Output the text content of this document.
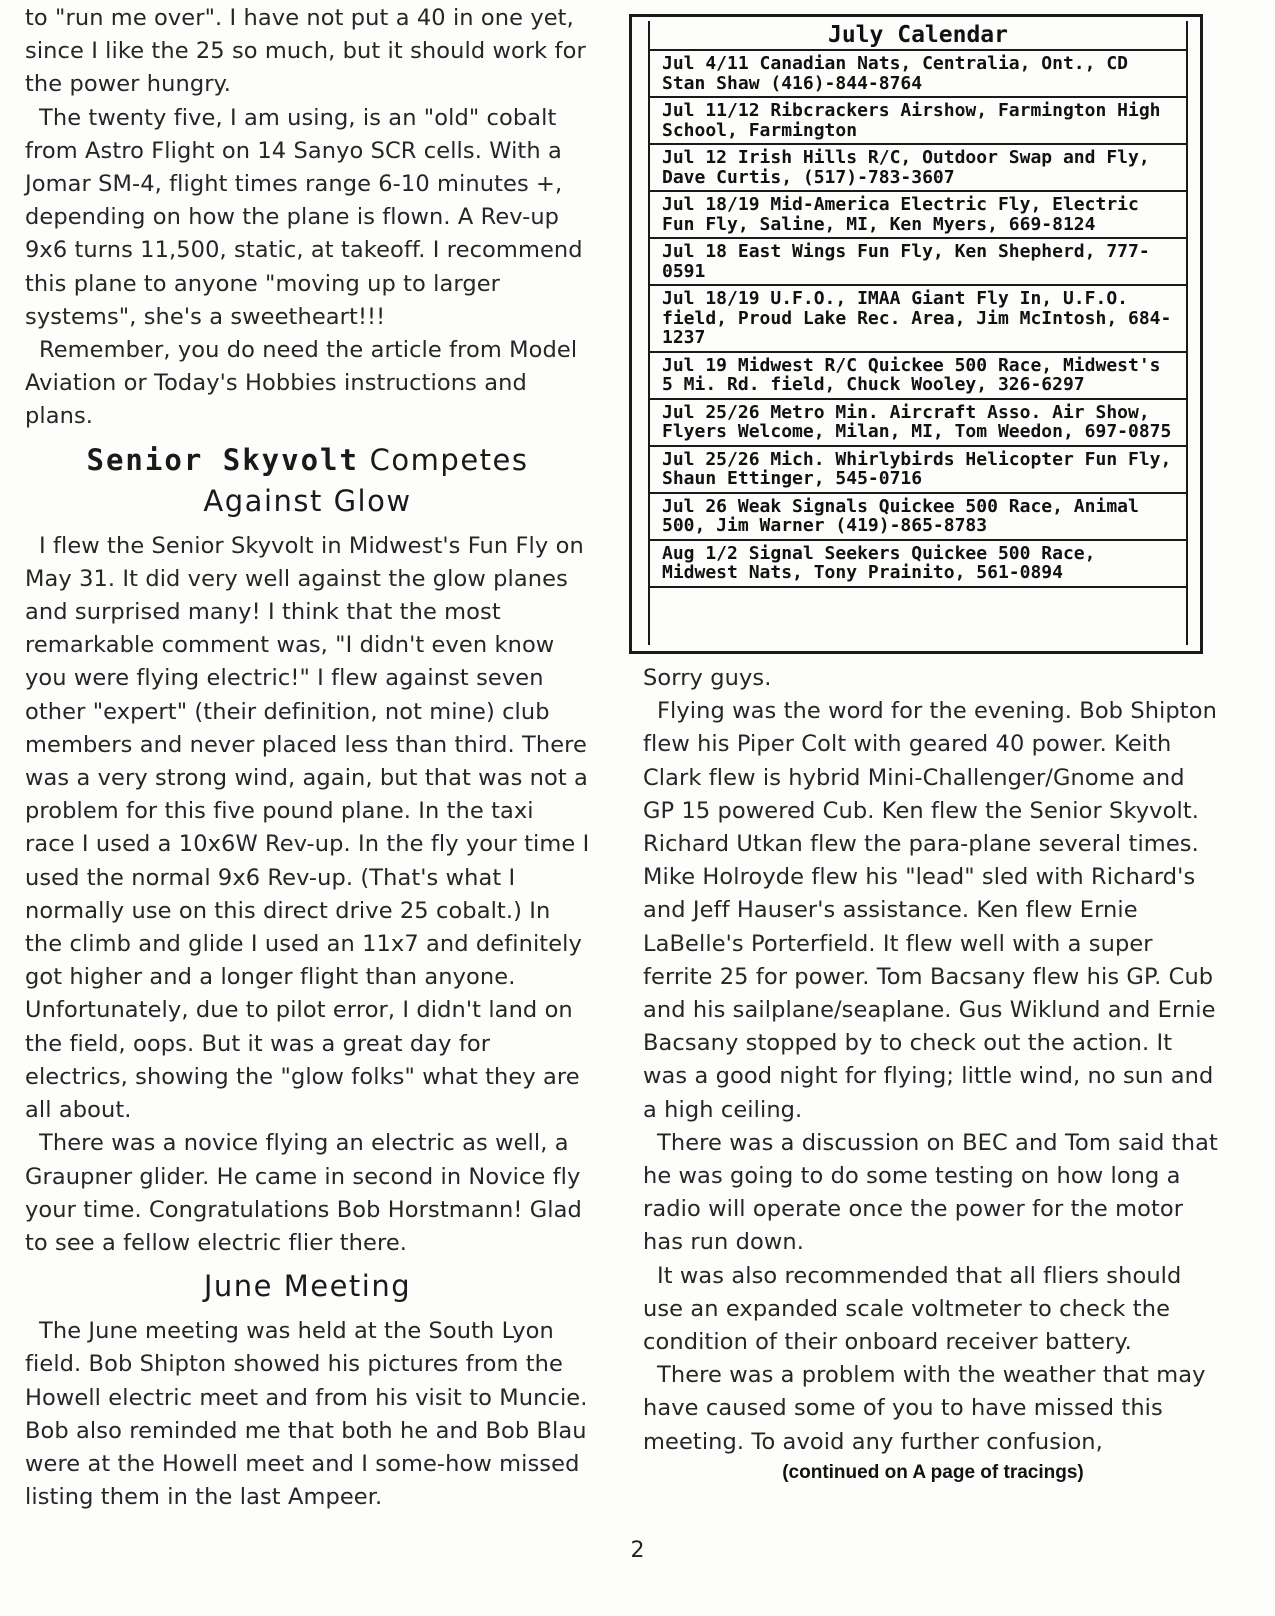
to "run me over". I have not put a 40 in one yet, since I like the 25 so much, but it should work for the power hungry.

The twenty five, I am using, is an "old" cobalt from Astro Flight on 14 Sanyo SCR cells. With a Jomar SM-4, flight times range 6-10 minutes +, depending on how the plane is flown. A Rev-up 9x6 turns 11,500, static, at takeoff. I recommend this plane to anyone "moving up to larger systems", she's a sweetheart!!!

Remember, you do need the article from Model Aviation or Today's Hobbies instructions and plans.

Senior Skyvolt Competes
Against Glow

I flew the Senior Skyvolt in Midwest's Fun Fly on May 31. It did very well against the glow planes and surprised many! I think that the most remarkable comment was, "I didn't even know you were flying electric!" I flew against seven other "expert" (their definition, not mine) club members and never placed less than third. There was a very strong wind, again, but that was not a problem for this five pound plane. In the taxi race I used a 10x6W Rev-up. In the fly your time I used the normal 9x6 Rev-up. (That's what I normally use on this direct drive 25 cobalt.) In the climb and glide I used an 11x7 and definitely got higher and a longer flight than anyone. Unfortunately, due to pilot error, I didn't land on the field, oops. But it was a great day for electrics, showing the "glow folks" what they are all about.

There was a novice flying an electric as well, a Graupner glider. He came in second in Novice fly your time. Congratulations Bob Horstmann! Glad to see a fellow electric flier there.

June Meeting

The June meeting was held at the South Lyon field. Bob Shipton showed his pictures from the Howell electric meet and from his visit to Muncie. Bob also reminded me that both he and Bob Blau were at the Howell meet and I some-how missed listing them in the last Ampeer.

July Calendar
Jul 4/11 Canadian Nats, Centralia, Ont., CD Stan Shaw (416)-844-8764
Jul 11/12 Ribcrackers Airshow, Farmington High School, Farmington
Jul 12 Irish Hills R/C, Outdoor Swap and Fly, Dave Curtis, (517)-783-3607
Jul 18/19 Mid-America Electric Fly, Electric Fun Fly, Saline, MI, Ken Myers, 669-8124
Jul 18 East Wings Fun Fly, Ken Shepherd, 777-0591
Jul 18/19 U.F.O., IMAA Giant Fly In, U.F.O. field, Proud Lake Rec. Area, Jim McIntosh, 684-1237
Jul 19 Midwest R/C Quickee 500 Race, Midwest's 5 Mi. Rd. field, Chuck Wooley, 326-6297
Jul 25/26 Metro Min. Aircraft Asso. Air Show, Flyers Welcome, Milan, MI, Tom Weedon, 697-0875
Jul 25/26 Mich. Whirlybirds Helicopter Fun Fly, Shaun Ettinger, 545-0716
Jul 26 Weak Signals Quickee 500 Race, Animal 500, Jim Warner (419)-865-8783
Aug 1/2 Signal Seekers Quickee 500 Race, Midwest Nats, Tony Prainito, 561-0894

Sorry guys.

Flying was the word for the evening. Bob Shipton flew his Piper Colt with geared 40 power. Keith Clark flew is hybrid Mini-Challenger/Gnome and GP 15 powered Cub. Ken flew the Senior Skyvolt. Richard Utkan flew the para-plane several times. Mike Holroyde flew his "lead" sled with Richard's and Jeff Hauser's assistance. Ken flew Ernie LaBelle's Porterfield. It flew well with a super ferrite 25 for power. Tom Bacsany flew his GP. Cub and his sailplane/seaplane. Gus Wiklund and Ernie Bacsany stopped by to check out the action. It was a good night for flying; little wind, no sun and a high ceiling.

There was a discussion on BEC and Tom said that he was going to do some testing on how long a radio will operate once the power for the motor has run down.

It was also recommended that all fliers should use an expanded scale voltmeter to check the condition of their onboard receiver battery.

There was a problem with the weather that may have caused some of you to have missed this meeting. To avoid any further confusion,

(continued on A page of tracings)

2
